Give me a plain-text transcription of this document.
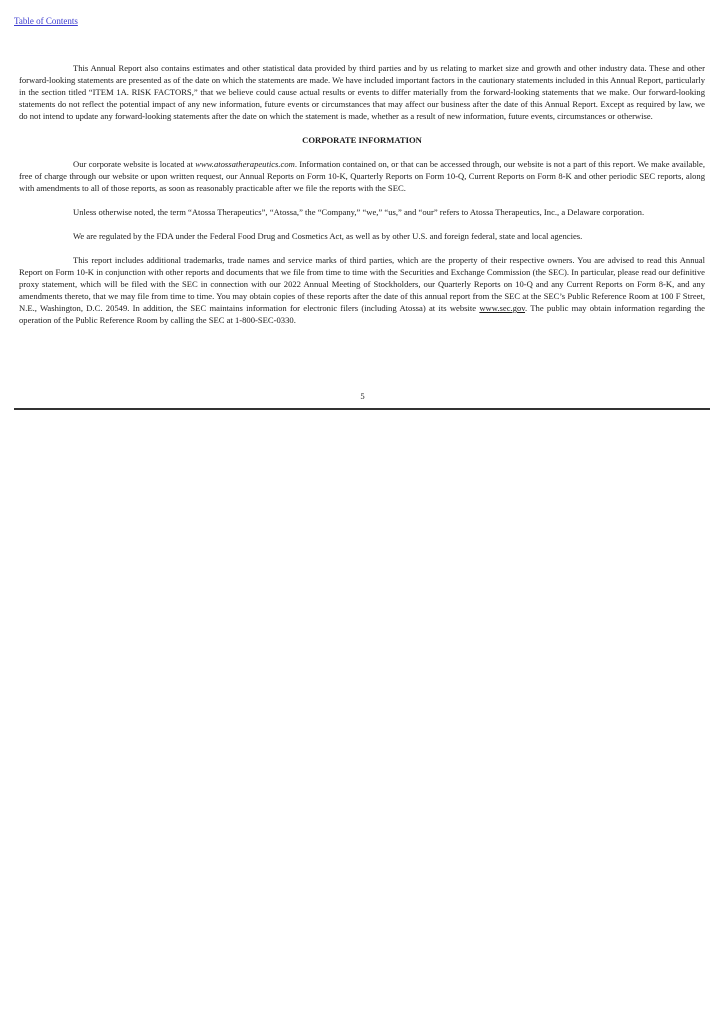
Table of Contents

This Annual Report also contains estimates and other statistical data provided by third parties and by us relating to market size and growth and other industry data. These and other forward-looking statements are presented as of the date on which the statements are made. We have included important factors in the cautionary statements included in this Annual Report, particularly in the section titled “ITEM 1A. RISK FACTORS,” that we believe could cause actual results or events to differ materially from the forward-looking statements that we make. Our forward-looking statements do not reflect the potential impact of any new information, future events or circumstances that may affect our business after the date of this Annual Report. Except as required by law, we do not intend to update any forward-looking statements after the date on which the statement is made, whether as a result of new information, future events, circumstances or otherwise.

CORPORATE INFORMATION

Our corporate website is located at www.atossatherapeutics.com. Information contained on, or that can be accessed through, our website is not a part of this report. We make available, free of charge through our website or upon written request, our Annual Reports on Form 10-K, Quarterly Reports on Form 10-Q, Current Reports on Form 8-K and other periodic SEC reports, along with amendments to all of those reports, as soon as reasonably practicable after we file the reports with the SEC.

Unless otherwise noted, the term “Atossa Therapeutics”, “Atossa,” the “Company,” “we,” “us,” and “our” refers to Atossa Therapeutics, Inc., a Delaware corporation.

We are regulated by the FDA under the Federal Food Drug and Cosmetics Act, as well as by other U.S. and foreign federal, state and local agencies.

This report includes additional trademarks, trade names and service marks of third parties, which are the property of their respective owners. You are advised to read this Annual Report on Form 10-K in conjunction with other reports and documents that we file from time to time with the Securities and Exchange Commission (the SEC). In particular, please read our definitive proxy statement, which will be filed with the SEC in connection with our 2022 Annual Meeting of Stockholders, our Quarterly Reports on 10-Q and any Current Reports on Form 8-K, and any amendments thereto, that we may file from time to time. You may obtain copies of these reports after the date of this annual report from the SEC at the SEC’s Public Reference Room at 100 F Street, N.E., Washington, D.C. 20549. In addition, the SEC maintains information for electronic filers (including Atossa) at its website www.sec.gov. The public may obtain information regarding the operation of the Public Reference Room by calling the SEC at 1-800-SEC-0330.

5
